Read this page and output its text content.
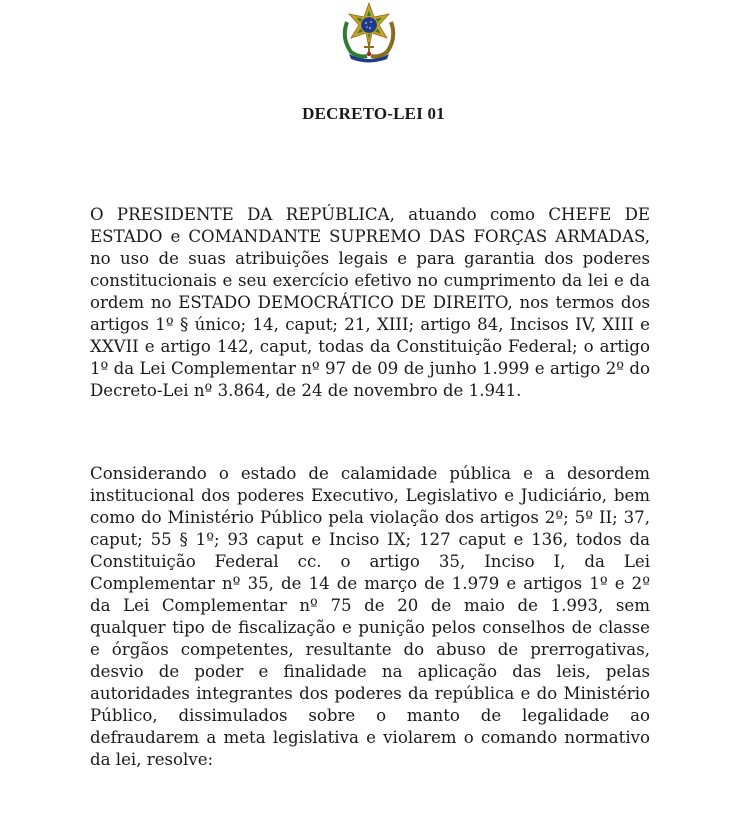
DECRETO-LEI 01

O PRESIDENTE DA REPÚBLICA, atuando como CHEFE DE ESTADO e COMANDANTE SUPREMO DAS FORÇAS ARMADAS, no uso de suas atribuições legais e para garantia dos poderes constitucionais e seu exercício efetivo no cumprimento da lei e da ordem no ESTADO DEMOCRÁTICO DE DIREITO, nos termos dos artigos 1º § único; 14, caput; 21, XIII; artigo 84, Incisos IV, XIII e XXVII e artigo 142, caput, todas da Constituição Federal; o artigo 1º da Lei Complementar nº 97 de 09 de junho 1.999 e artigo 2º do Decreto-Lei nº 3.864, de 24 de novembro de 1.941.

Considerando o estado de calamidade pública e a desordem institucional dos poderes Executivo, Legislativo e Judiciário, bem como do Ministério Público pela violação dos artigos 2º; 5º II; 37, caput; 55 § 1º; 93 caput e Inciso IX; 127 caput e 136, todos da Constituição Federal cc. o artigo 35, Inciso I, da Lei Complementar nº 35, de 14 de março de 1.979 e artigos 1º e 2º da Lei Complementar nº 75 de 20 de maio de 1.993, sem qualquer tipo de fiscalização e punição pelos conselhos de classe e órgãos competentes, resultante do abuso de prerrogativas, desvio de poder e finalidade na aplicação das leis, pelas autoridades integrantes dos poderes da república e do Ministério Público, dissimulados sobre o manto de legalidade ao defraudarem a meta legislativa e violarem o comando normativo da lei, resolve:
